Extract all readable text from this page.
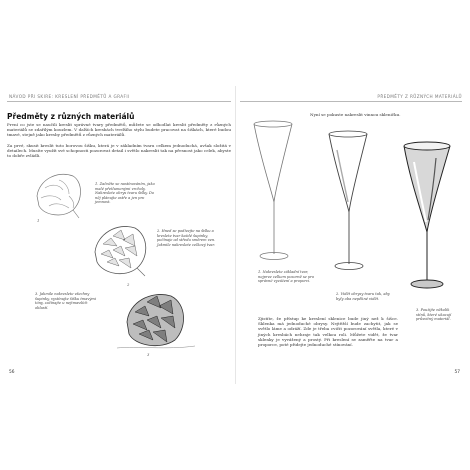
NÁVOD PŘI SKIRE: KRESLENÍ PŘEDMĚTŮ A GRAFII
Předměty z různých materiálů
První co jste se naučili kreslit správné tvary předmětů, můžete se odhodlat kreslit předměty z různých materiálů se zdařilým kouzlem. V dalších kresbách tvrdšího stylu budete pracovat na šiškách, které budou tmavé, stejně jako kresby předmětů z různých materiálů.
Za prvé, skusit kreslit tuto borovou šišku, která je v základním tvaru celkem jednoduchá, avšak složitá v detailech. Musíte využít své schopnosti pozorovat detail i světlo nakreslit tak na přesnost jako celek, abyste to dobře zvládli.
1
1. Začněte se nastínováním, jako malé přetlumenými vrcholy. Nakreslete obrys tvaru šišky. Do něj plánujte ostře a jen pro jemnost.
2
2. Hned se podívejte na šišku a kreslete tvar každé šupinky, počínaje od středu směrem ven. Jakmile nakreslete celkový tvar.
3
3. Jakmile nakreslete všechny šupinky, vystínujte šišku tmavými tóny, začínajte u nejtmavších oblastí.
56
PŘEDMĚTY Z RŮZNÝCH MATERIÁLŮ
Nyní se pokuste nakreslit vinnou skleničku.
1. Nakreslete základní tvar, nejprve celkem pozorně se pro správné vyvážení a proporci.
2. Vidět obrysy tvaru tak, aby byly oba nepěkné vidět.
3. Použijte několik stínů, které ukazují průsvitný materiál.
Zjistíte, že přístup ke kreslení sklenice bude jiný než k šišce. Sklenka má jednoduché obrysy. Nejtěžší bude zachytit, jak se světlo láme a odráží. Zde je třeba cvičit pozorování světla, které v jiných kresbách nehraje tak velkou roli. Můžete vidět, že tvar sklenky je vyvážený a prostý. Při kreslení se zaměřte na tvar a proporce, poté přidejte jednoduché stínování.
57
